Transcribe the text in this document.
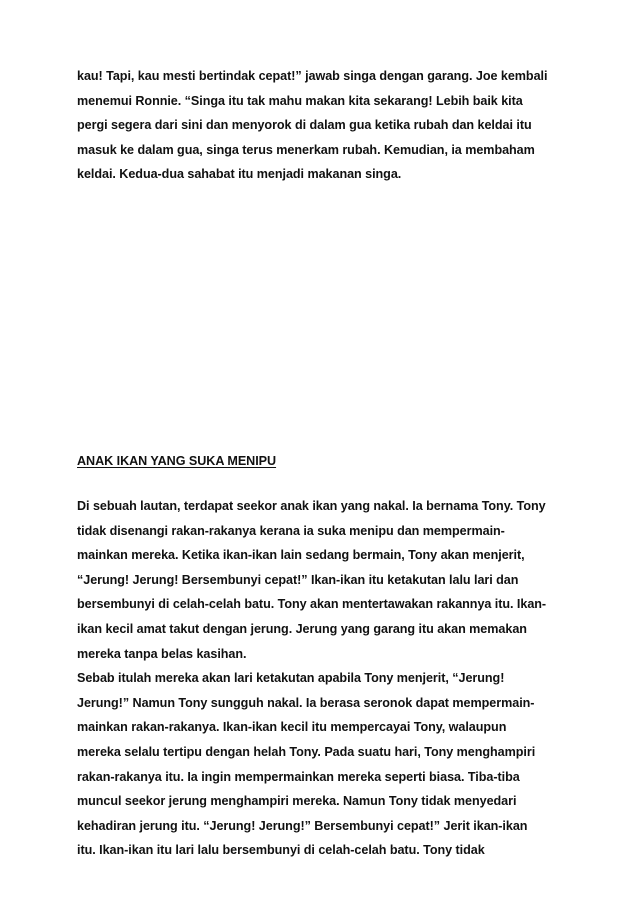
kau! Tapi, kau mesti bertindak cepat!” jawab singa dengan garang. Joe kembali
menemui Ronnie. “Singa itu tak mahu makan kita sekarang! Lebih baik kita
pergi segera dari sini dan menyorok di dalam gua ketika rubah dan keldai itu
masuk ke dalam gua, singa terus menerkam rubah. Kemudian, ia membaham
keldai. Kedua-dua sahabat itu menjadi makanan singa.
ANAK IKAN YANG SUKA MENIPU
Di sebuah lautan, terdapat seekor anak ikan yang nakal. Ia bernama Tony. Tony
tidak disenangi rakan-rakanya kerana ia suka menipu dan mempermain-
mainkan mereka. Ketika ikan-ikan lain sedang bermain, Tony akan menjerit,
“Jerung! Jerung! Bersembunyi cepat!” Ikan-ikan itu ketakutan lalu lari dan
bersembunyi di celah-celah batu. Tony akan mentertawakan rakannya itu. Ikan-
ikan kecil amat takut dengan jerung. Jerung yang garang itu akan memakan
mereka tanpa belas kasihan.
Sebab itulah mereka akan lari ketakutan apabila Tony menjerit, “Jerung!
Jerung!” Namun Tony sungguh nakal. Ia berasa seronok dapat mempermain-
mainkan rakan-rakanya. Ikan-ikan kecil itu mempercayai Tony, walaupun
mereka selalu tertipu dengan helah Tony. Pada suatu hari, Tony menghampiri
rakan-rakanya itu. Ia ingin mempermainkan mereka seperti biasa. Tiba-tiba
muncul seekor jerung menghampiri mereka. Namun Tony tidak menyedari
kehadiran jerung itu. “Jerung! Jerung!” Bersembunyi cepat!” Jerit ikan-ikan
itu. Ikan-ikan itu lari lalu bersembunyi di celah-celah batu. Tony tidak
